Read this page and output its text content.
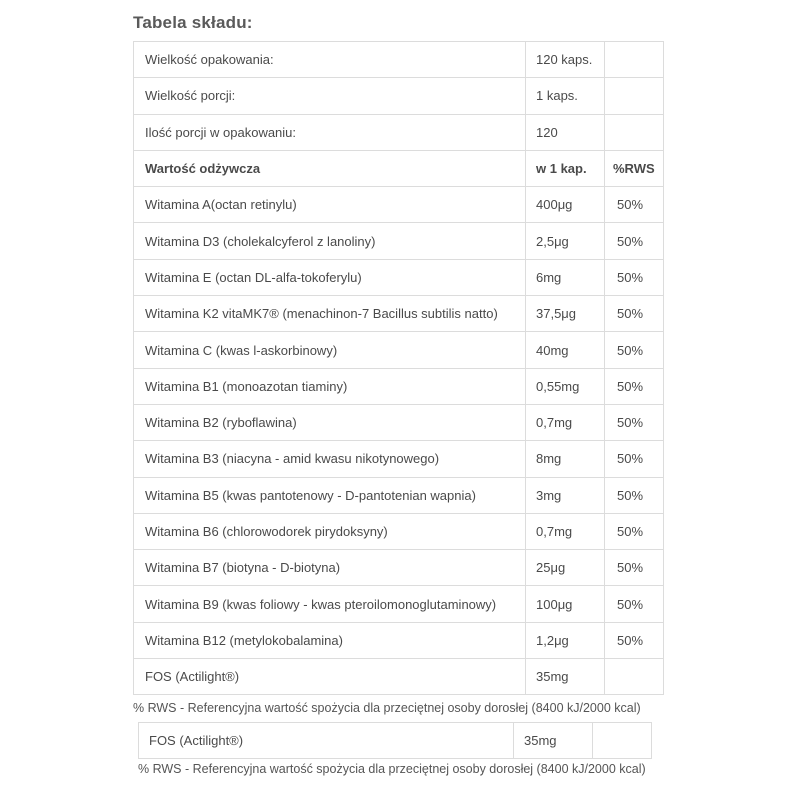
Tabela składu:
Wielkość opakowania:	120 kaps.	
Wielkość porcji:	1 kaps.	
Ilość porcji w opakowaniu:	120	
Wartość odżywcza	w 1 kap.	%RWS
Witamina A(octan retinylu)	400μg	50%
Witamina D3 (cholekalcyferol z lanoliny)	2,5μg	50%
Witamina E (octan DL-alfa-tokoferylu)	6mg	50%
Witamina K2 vitaMK7® (menachinon-7 Bacillus subtilis natto)	37,5μg	50%
Witamina C (kwas l-askorbinowy)	40mg	50%
Witamina B1 (monoazotan tiaminy)	0,55mg	50%
Witamina B2 (ryboflawina)	0,7mg	50%
Witamina B3 (niacyna - amid kwasu nikotynowego)	8mg	50%
Witamina B5 (kwas pantotenowy - D-pantotenian wapnia)	3mg	50%
Witamina B6 (chlorowodorek pirydoksyny)	0,7mg	50%
Witamina B7 (biotyna - D-biotyna)	25μg	50%
Witamina B9 (kwas foliowy - kwas pteroilomonoglutaminowy)	100μg	50%
Witamina B12 (metylokobalamina)	1,2μg	50%
FOS (Actilight®)	35mg	
% RWS - Referencyjna wartość spożycia dla przeciętnej osoby dorosłej (8400 kJ/2000 kcal)
FOS (Actilight®)	35mg	
% RWS - Referencyjna wartość spożycia dla przeciętnej osoby dorosłej (8400 kJ/2000 kcal)
